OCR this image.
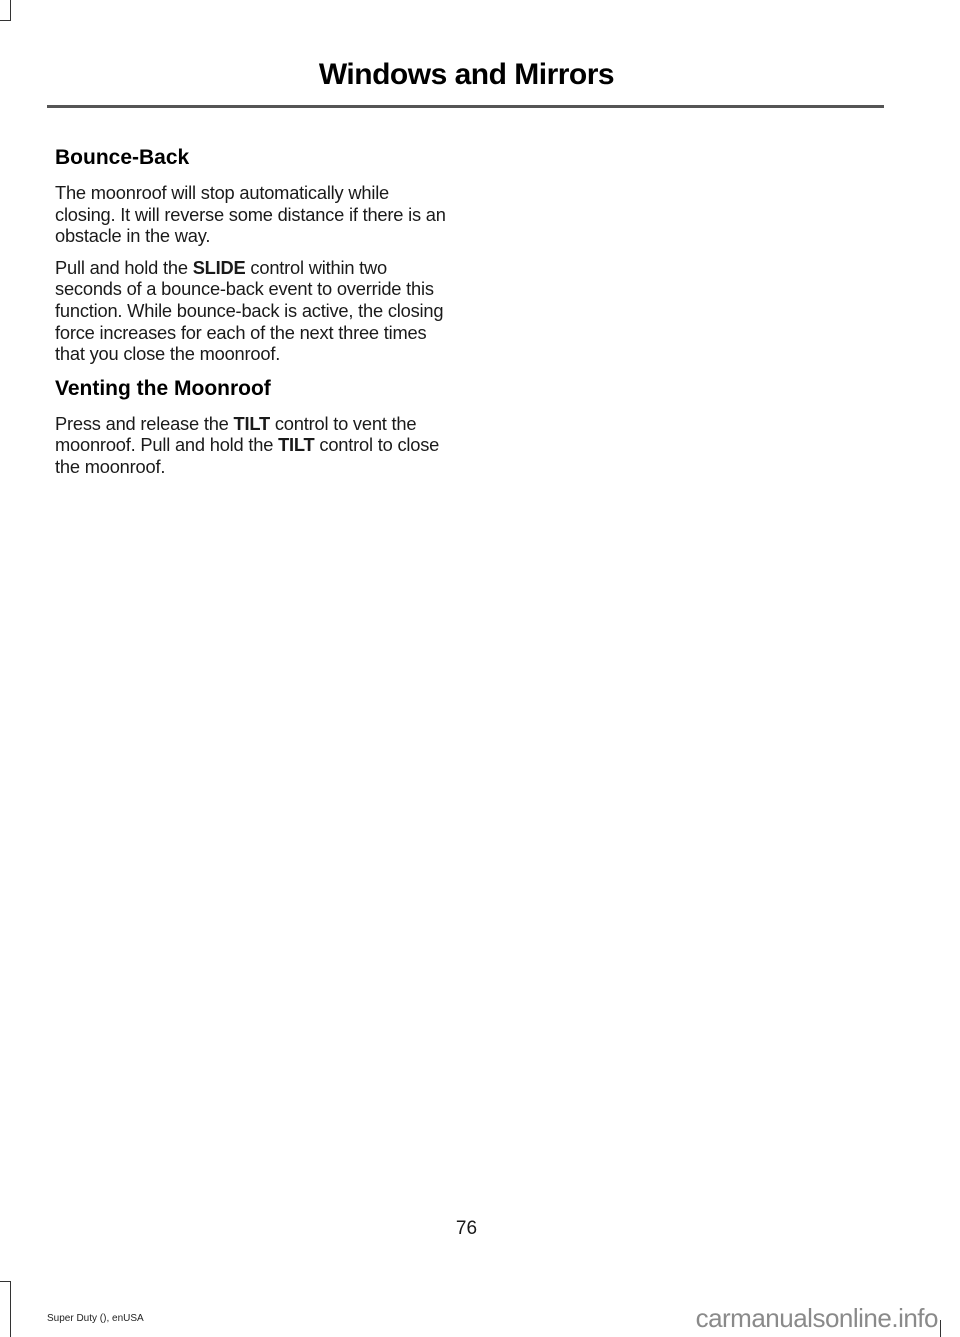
Windows and Mirrors
Bounce-Back

The moonroof will stop automatically while closing. It will reverse some distance if there is an obstacle in the way.

Pull and hold the SLIDE control within two seconds of a bounce-back event to override this function. While bounce-back is active, the closing force increases for each of the next three times that you close the moonroof.

Venting the Moonroof

Press and release the TILT control to vent the moonroof. Pull and hold the TILT control to close the moonroof.

76
Super Duty (), enUSA	carmanualsonline.info
